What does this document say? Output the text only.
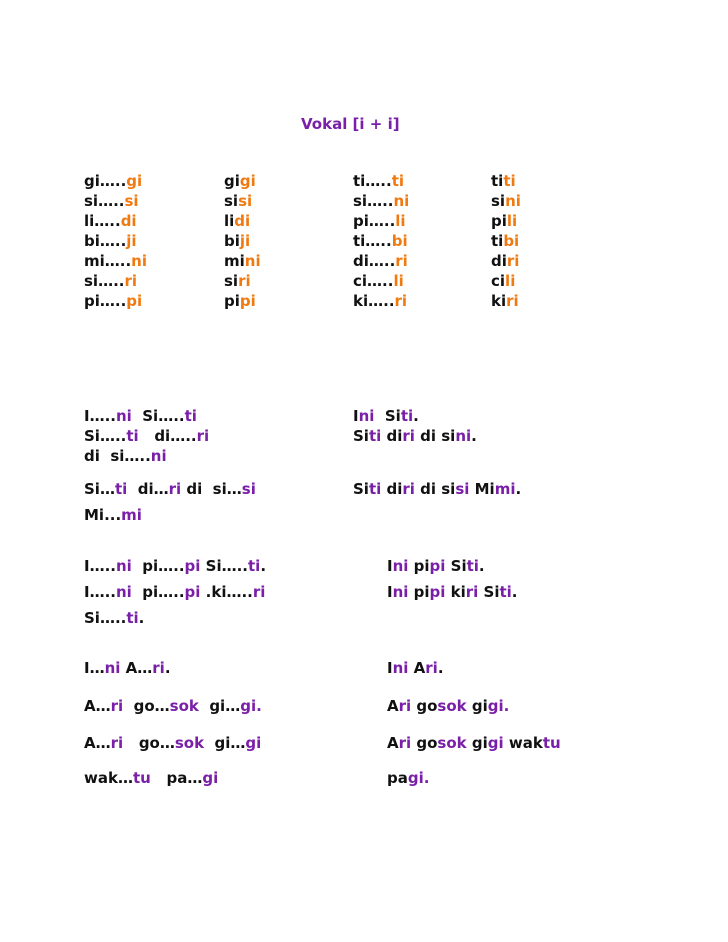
Vokal [i + i]
gi…..gi
si…..si
li…..di
bi…..ji
mi…..ni
si…..ri
pi…..pi
gigi
sisi
lidi
biji
mini
siri
pipi
ti…..ti
si…..ni
pi…..li
ti…..bi
di…..ri
ci…..li
ki…..ri
titi
sini
pili
tibi
diri
cili
kiri
I…..ni  Si…..ti
Si…..ti   di…..ri
di  si…..ni
Si…ti  di…ri di  si…si
Mi...mi
Ini  Siti.
Siti diri di sini.
Siti diri di sisi Mimi.
I…..ni  pi…..pi Si…..ti.
I…..ni  pi…..pi .ki…..ri
Si…..ti.
Ini pipi Siti.
Ini pipi kiri Siti.
I…ni A…ri.
A…ri  go…sok  gi…gi.
A…ri   go…sok  gi…gi
wak…tu   pa…gi
Ini Ari.
Ari gosok gigi.
Ari gosok gigi waktu
pagi.
